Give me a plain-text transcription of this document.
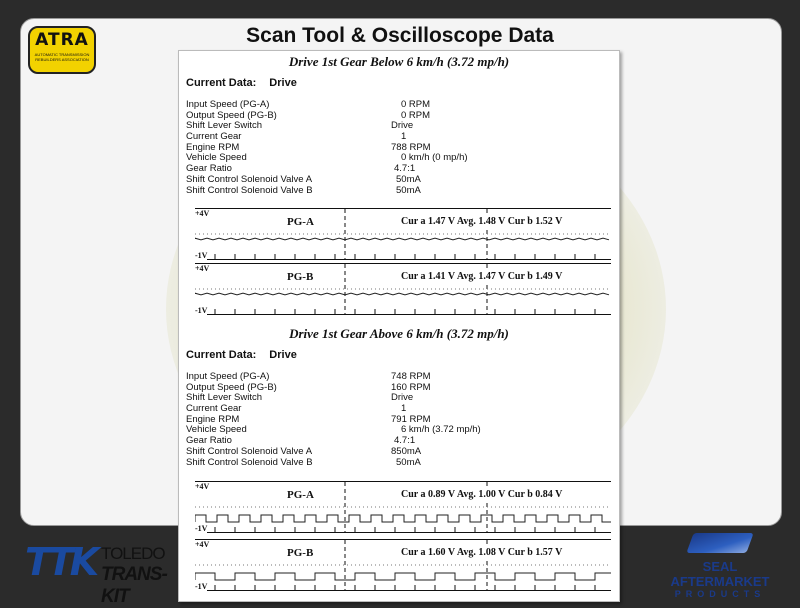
Scan Tool & Oscilloscope Data
ATRA
AUTOMATIC TRANSMISSION REBUILDERS ASSOCIATION	Drive 1st Gear Below 6 km/h (3.72 mp/h)
Current Data: Drive
Input Speed (PG-A)	0 RPM
Output Speed (PG-B)	0 RPM
Shift Lever Switch	Drive
Current Gear	1
Engine RPM	788 RPM
Vehicle Speed	0 km/h (0 mp/h)
Gear Ratio	4.7:1
Shift Control Solenoid Valve A	50mA
Shift Control Solenoid Valve B	50mA
+4V
-1V
PG-A	Cur a 1.47 V Avg. 1.48 V Cur b 1.52 V
+4V
-1V
PG-B	Cur a 1.41 V Avg. 1.47 V Cur b 1.49 V
Drive 1st Gear Above 6 km/h (3.72 mp/h)
Current Data: Drive
Input Speed (PG-A)	748 RPM
Output Speed (PG-B)	160 RPM
Shift Lever Switch	Drive
Current Gear	1
Engine RPM	791 RPM
Vehicle Speed	6 km/h (3.72 mp/h)
Gear Ratio	4.7:1
Shift Control Solenoid Valve A	850mA
Shift Control Solenoid Valve B	50mA
+4V
-1V
PG-A	Cur a 0.89 V Avg. 1.00 V Cur b 0.84 V
+4V
-1V
PG-B	Cur a 1.60 V Avg. 1.08 V Cur b 1.57 V
TTK TOLEDO
TRANS-KIT
SEAL AFTERMARKET
PRODUCTS
